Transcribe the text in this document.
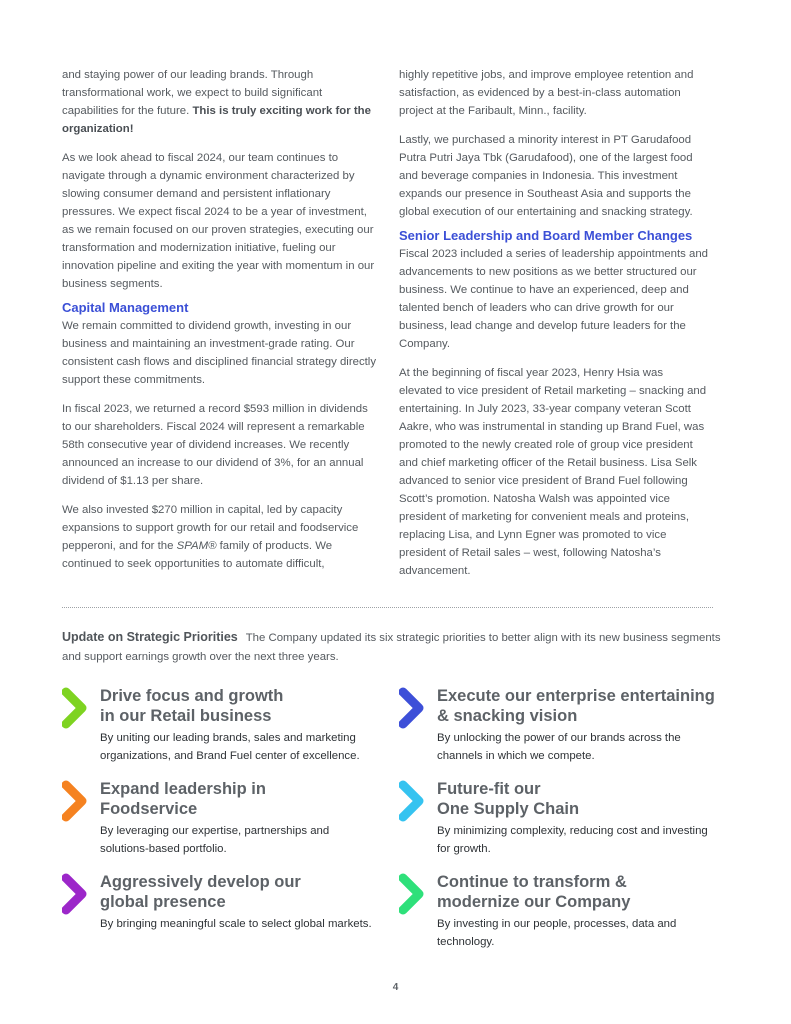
and staying power of our leading brands. Through transformational work, we expect to build significant capabilities for the future. This is truly exciting work for the organization!

As we look ahead to fiscal 2024, our team continues to navigate through a dynamic environment characterized by slowing consumer demand and persistent inflationary pressures. We expect fiscal 2024 to be a year of investment, as we remain focused on our proven strategies, executing our transformation and modernization initiative, fueling our innovation pipeline and exiting the year with momentum in our business segments.

Capital Management

We remain committed to dividend growth, investing in our business and maintaining an investment-grade rating. Our consistent cash flows and disciplined financial strategy directly support these commitments.

In fiscal 2023, we returned a record $593 million in dividends to our shareholders. Fiscal 2024 will represent a remarkable 58th consecutive year of dividend increases. We recently announced an increase to our dividend of 3%, for an annual dividend of $1.13 per share.

We also invested $270 million in capital, led by capacity expansions to support growth for our retail and foodservice pepperoni, and for the SPAM® family of products. We continued to seek opportunities to automate difficult,

highly repetitive jobs, and improve employee retention and satisfaction, as evidenced by a best-in-class automation project at the Faribault, Minn., facility.

Lastly, we purchased a minority interest in PT Garudafood Putra Putri Jaya Tbk (Garudafood), one of the largest food and beverage companies in Indonesia. This investment expands our presence in Southeast Asia and supports the global execution of our entertaining and snacking strategy.

Senior Leadership and Board Member Changes

Fiscal 2023 included a series of leadership appointments and advancements to new positions as we better structured our business. We continue to have an experienced, deep and talented bench of leaders who can drive growth for our business, lead change and develop future leaders for the Company.

At the beginning of fiscal year 2023, Henry Hsia was elevated to vice president of Retail marketing – snacking and entertaining. In July 2023, 33-year company veteran Scott Aakre, who was instrumental in standing up Brand Fuel, was promoted to the newly created role of group vice president and chief marketing officer of the Retail business. Lisa Selk advanced to senior vice president of Brand Fuel following Scott’s promotion. Natosha Walsh was appointed vice president of marketing for convenient meals and proteins, replacing Lisa, and Lynn Egner was promoted to vice president of Retail sales – west, following Natosha’s advancement.

Update on Strategic Priorities The Company updated its six strategic priorities to better align with its new business segments and support earnings growth over the next three years.
Drive focus and growth
in our Retail business
By uniting our leading brands, sales and marketing organizations, and Brand Fuel center of excellence.
Execute our enterprise entertaining
& snacking vision
By unlocking the power of our brands across the channels in which we compete.
Expand leadership in
Foodservice
By leveraging our expertise, partnerships and solutions-based portfolio.
Future-fit our
One Supply Chain
By minimizing complexity, reducing cost and investing for growth.
Aggressively develop our
global presence
By bringing meaningful scale to select global markets.
Continue to transform &
modernize our Company
By investing in our people, processes, data and technology.
4
